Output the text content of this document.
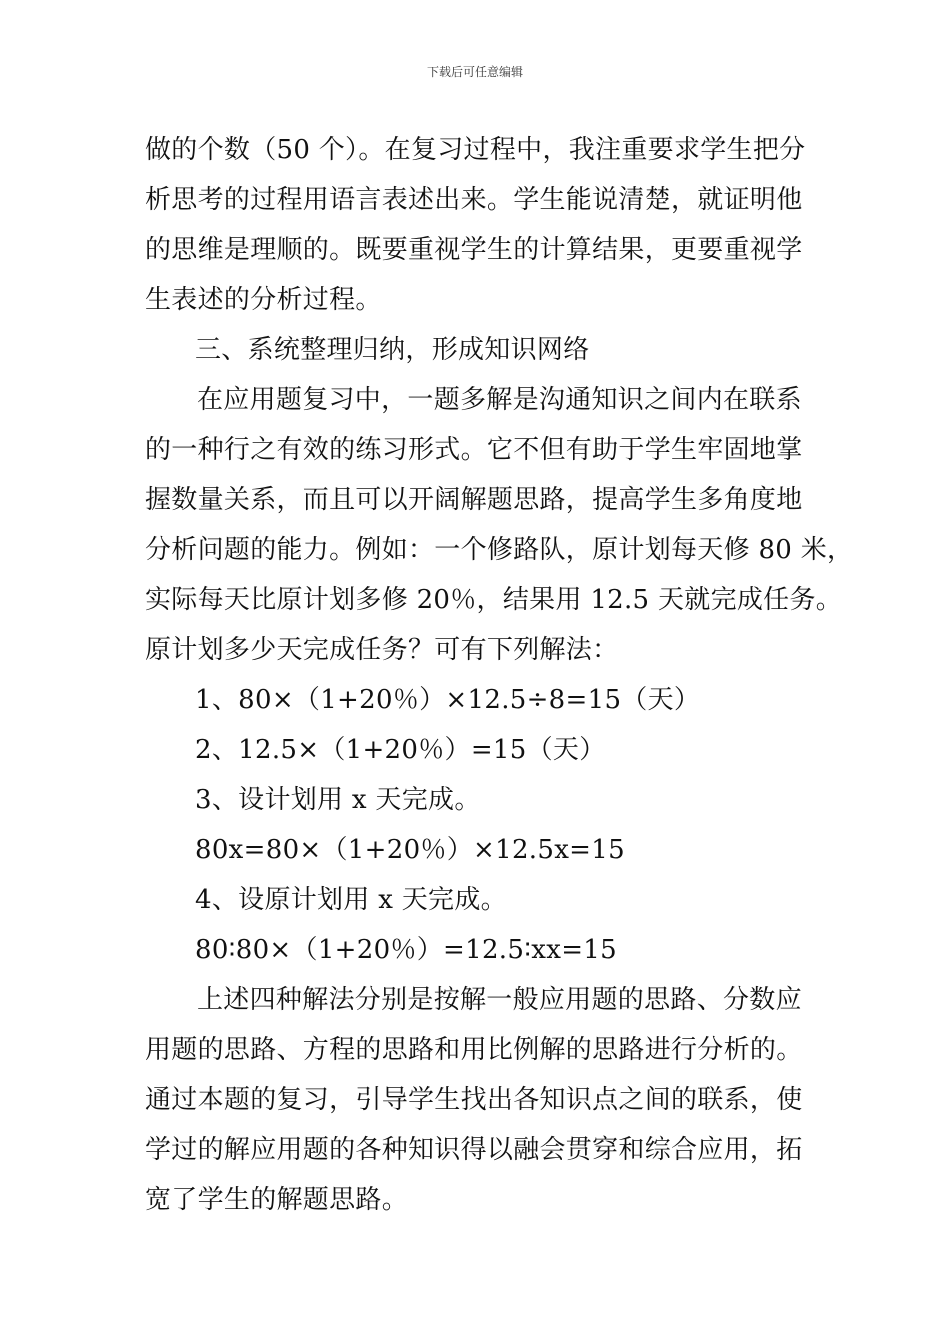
下载后可任意编辑
做的个数（50 个）。在复习过程中，我注重要求学生把分
析思考的过程用语言表述出来。学生能说清楚，就证明他
的思维是理顺的。既要重视学生的计算结果，更要重视学
生表述的分析过程。
三、系统整理归纳，形成知识网络
在应用题复习中，一题多解是沟通知识之间内在联系
的一种行之有效的练习形式。它不但有助于学生牢固地掌
握数量关系，而且可以开阔解题思路，提高学生多角度地
分析问题的能力。例如：一个修路队，原计划每天修 80 米，
实际每天比原计划多修 20％，结果用 12.5 天就完成任务。
原计划多少天完成任务？可有下列解法：
1、80×（1+20％）×12.5÷8=15（天）
2、12.5×（1+20％）=15（天）
3、设计划用 x 天完成。
80x=80×（1+20％）×12.5x=15
4、设原计划用 x 天完成。
80∶80×（1+20％）=12.5∶xx=15
上述四种解法分别是按解一般应用题的思路、分数应
用题的思路、方程的思路和用比例解的思路进行分析的。
通过本题的复习，引导学生找出各知识点之间的联系，使
学过的解应用题的各种知识得以融会贯穿和综合应用，拓
宽了学生的解题思路。
